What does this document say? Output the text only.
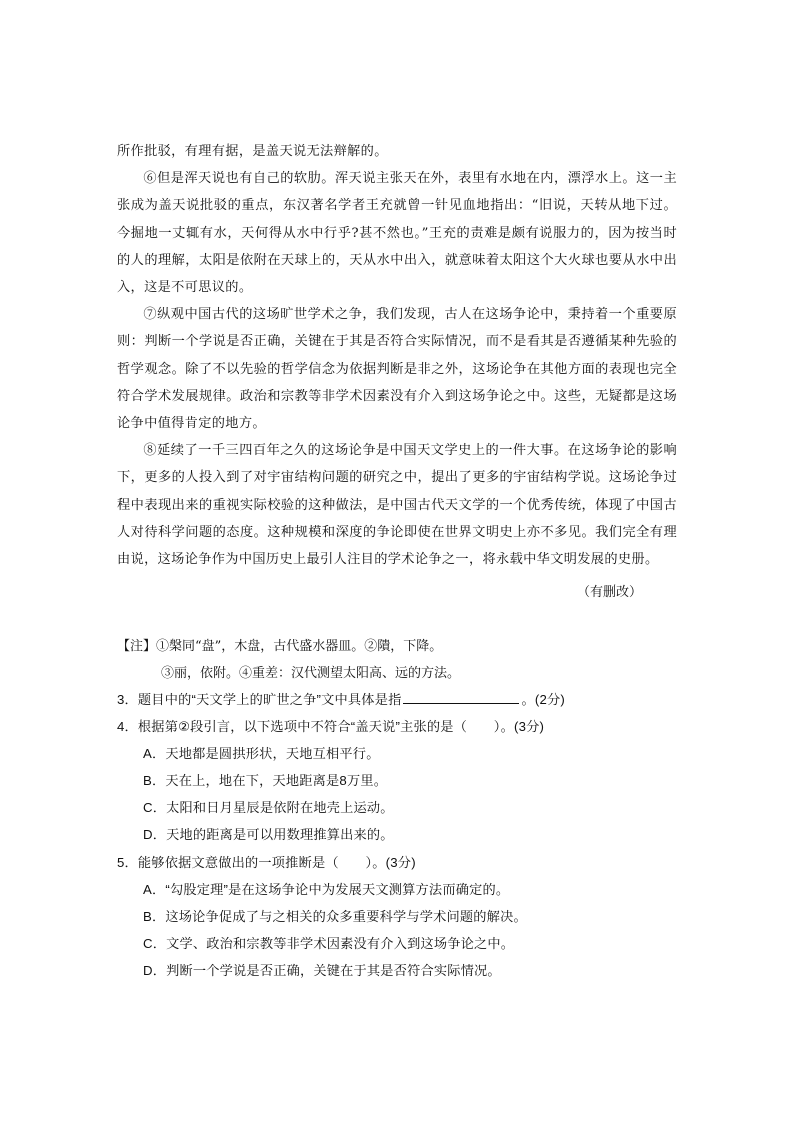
所作批驳，有理有据，是盖天说无法辩解的。

⑥但是浑天说也有自己的软肋。浑天说主张天在外，表里有水地在内，漂浮水上。这一主张成为盖天说批驳的重点，东汉著名学者王充就曾一针见血地指出：“旧说，天转从地下过。今掘地一丈辄有水，天何得从水中行乎?甚不然也。”王充的责难是颇有说服力的，因为按当时的人的理解，太阳是依附在天球上的，天从水中出入，就意味着太阳这个大火球也要从水中出入，这是不可思议的。

⑦纵观中国古代的这场旷世学术之争，我们发现，古人在这场争论中，秉持着一个重要原则：判断一个学说是否正确，关键在于其是否符合实际情况，而不是看其是否遵循某种先验的哲学观念。除了不以先验的哲学信念为依据判断是非之外，这场论争在其他方面的表现也完全符合学术发展规律。政治和宗教等非学术因素没有介入到这场争论之中。这些，无疑都是这场论争中值得肯定的地方。

⑧延续了一千三四百年之久的这场论争是中国天文学史上的一件大事。在这场争论的影响下，更多的人投入到了对宇宙结构问题的研究之中，提出了更多的宇宙结构学说。这场论争过程中表现出来的重视实际校验的这种做法，是中国古代天文学的一个优秀传统，体现了中国古人对待科学问题的态度。这种规模和深度的争论即使在世界文明史上亦不多见。我们完全有理由说，这场论争作为中国历史上最引人注目的学术论争之一，将永载中华文明发展的史册。

（有删改）
【注】①槃同“盘”，木盘，古代盛水器皿。②隤，下降。
③丽，依附。④重差：汉代测望太阳高、远的方法。
3．题目中的“天文学上的旷世之争”文中具体是指	。(2分)
4．根据第②段引言，以下选项中不符合“盖天说”主张的是（　　）。(3分)
A．天地都是圆拱形状，天地互相平行。
B．天在上，地在下，天地距离是8万里。
C．太阳和日月星辰是依附在地壳上运动。
D．天地的距离是可以用数理推算出来的。
5．能够依据文意做出的一项推断是（　　）。(3分)
A．“勾股定理”是在这场争论中为发展天文测算方法而确定的。
B．这场论争促成了与之相关的众多重要科学与学术问题的解决。
C．文学、政治和宗教等非学术因素没有介入到这场争论之中。
D．判断一个学说是否正确，关键在于其是否符合实际情况。
